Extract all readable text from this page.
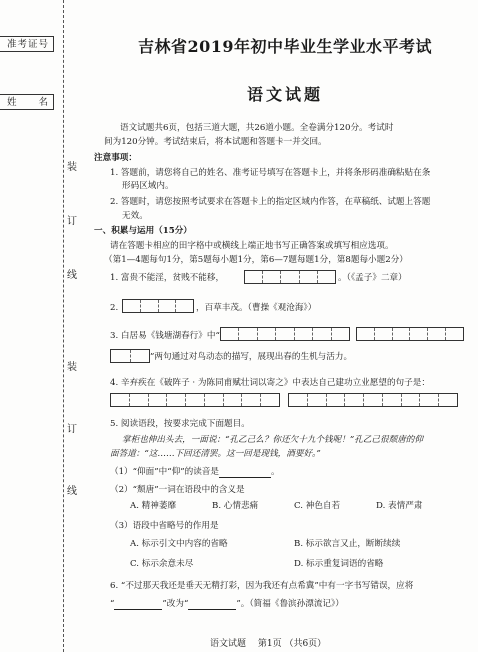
准考证号
姓　　名
装
订
线
装
订
线
吉林省2019年初中毕业生学业水平考试
语文试题
语文试题共6页，包括三道大题，共26道小题。全卷满分120分。考试时
间为120分钟。考试结束后，将本试题和答题卡一并交回。
注意事项：
1. 答题前，请您将自己的姓名、准考证号填写在答题卡上，并将条形码准确粘贴在条
形码区域内。
2. 答题时，请您按照考试要求在答题卡上的指定区域内作答，在草稿纸、试题上答题
无效。
一、积累与运用（15分）
请在答题卡相应的田字格中或横线上端正地书写正确答案或填写相应选项。
（第1—4题每句1分，第5题每小题1分，第6—7题每题1分，第8题每小题2分）
1. 富贵不能淫，贫贱不能移，	。（《孟子》二章）
2.	，百草丰茂。（曹操《观沧海》）
3. 白居易《钱塘湖春行》中“
”两句通过对鸟动态的描写，展现出春的生机与活力。
4. 辛弃疾在《破阵子 · 为陈同甫赋壮词以寄之》中表达自己建功立业愿望的句子是：
5. 阅读语段，按要求完成下面题目。
掌柜也伸出头去，一面说：“孔乙己么？你还欠十九个钱呢！”孔乙己很颓唐的仰
面答道：“这……下回还清罢。这一回是现钱，酒要好。”
（1）“仰面”中“仰”的读音是	。
（2）“颓唐”一词在语段中的含义是
A. 精神萎靡	B. 心情悲痛	C. 神色自若	D. 表情严肃
（3）语段中省略号的作用是
A. 标示引文中内容的省略	B. 标示欲言又止，断断续续
C. 标示余意未尽	D. 标示重复词语的省略
6. “不过那天我还是垂天无精打彩，因为我还有点希冀”中有一字书写错误，应将
“	”改为“	”。（简福《鲁滨孙漂流记》）
语文试题　 第1页 （共6页）
